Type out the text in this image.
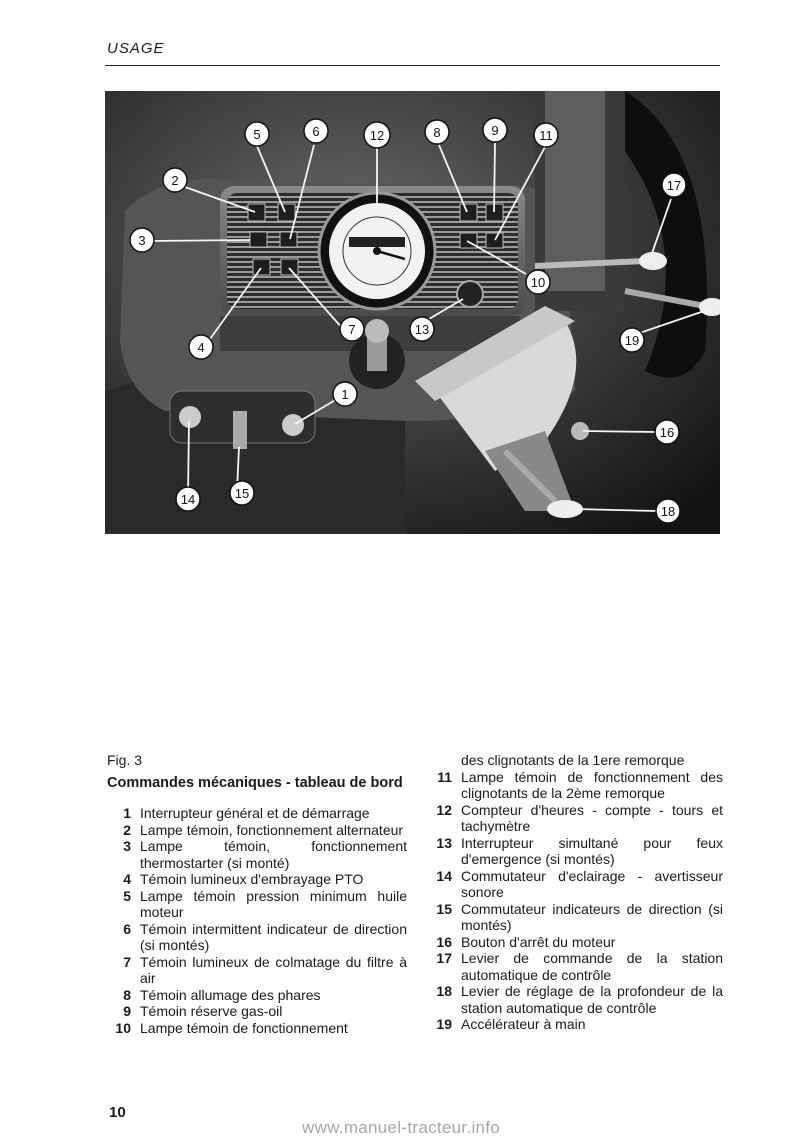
USAGE
5	6	12	8	9	11
2	17
3
10
7	13
4	19
1
16
14	15
18
Fig. 3
Commandes mécaniques - tableau de bord
1 Interrupteur général et de démarrage
2 Lampe témoin, fonctionnement alternateur
3 Lampe témoin, fonctionnement thermostarter (si monté)
4 Témoin lumineux d'embrayage PTO
5 Lampe témoin pression minimum huile moteur
6 Témoin intermittent indicateur de direction (si montés)
7 Témoin lumineux de colmatage du filtre à air
8 Témoin allumage des phares
9 Témoin réserve gas-oil
10 Lampe témoin de fonctionnement
des clignotants de la 1ere remorque
11 Lampe témoin de fonctionnement des clignotants de la 2ème remorque
12 Compteur d'heures - compte - tours et tachymètre
13 Interrupteur simultané pour feux d'emergence (si montés)
14 Commutateur d'eclairage - avertisseur sonore
15 Commutateur indicateurs de direction (si montés)
16 Bouton d'arrêt du moteur
17 Levier de commande de la station automatique de contrôle
18 Levier de réglage de la profondeur de la station automatique de contrôle
19 Accélérateur à main
10
www.manuel-tracteur.info
